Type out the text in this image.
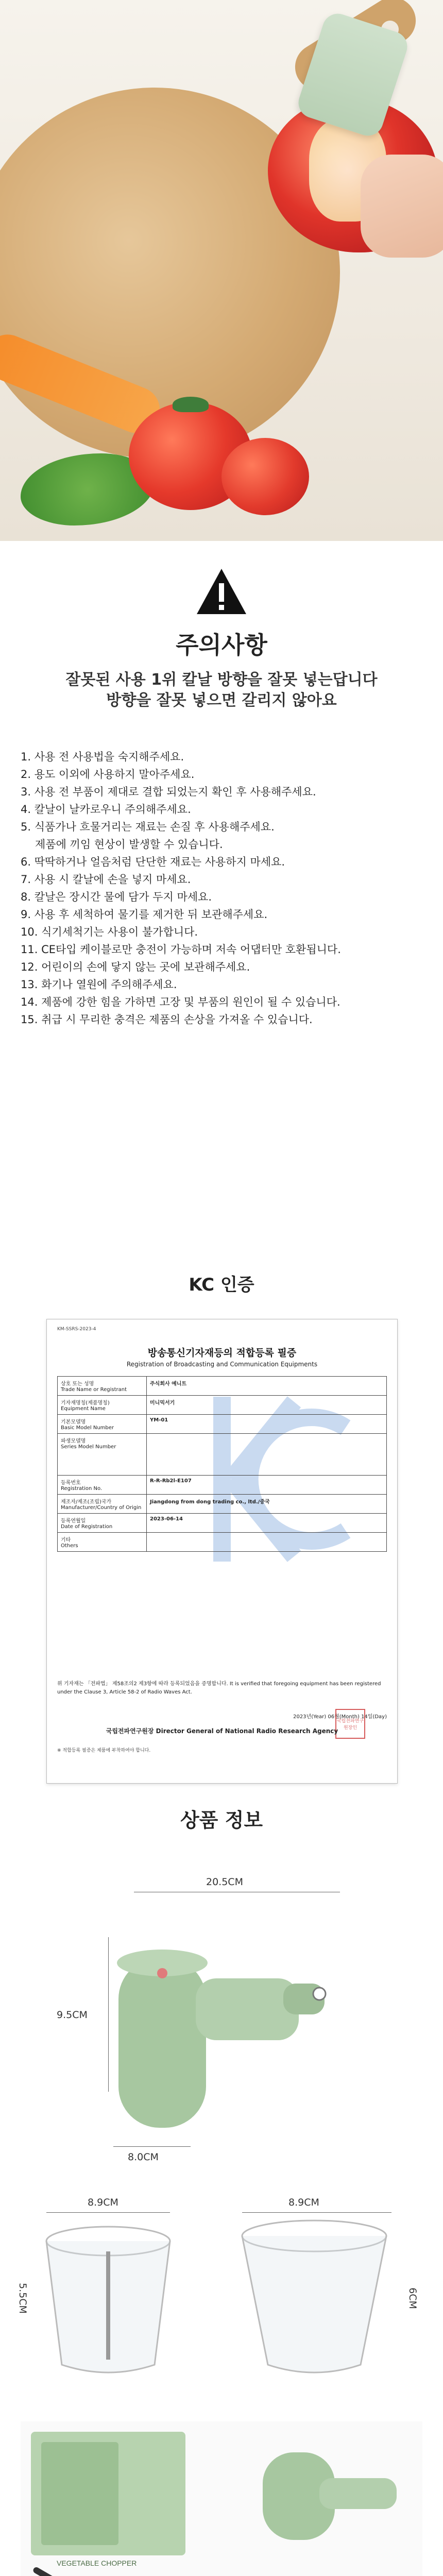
주의사항
잘못된 사용 1위 칼날 방향을 잘못 넣는답니다
방향을 잘못 넣으면 갈리지 않아요
1. 사용 전 사용법을 숙지해주세요.
2. 용도 이외에 사용하지 말아주세요.
3. 사용 전 부품이 제대로 결합 되었는지 확인 후 사용해주세요.
4. 칼날이 날카로우니 주의해주세요.
5. 식품가나 흐물거리는 재료는 손질 후 사용해주세요.
제품에 끼임 현상이 발생할 수 있습니다.
6. 딱딱하거나 얼음처럼 단단한 재료는 사용하지 마세요.
7. 사용 시 칼날에 손을 넣지 마세요.
8. 칼날은 장시간 물에 담가 두지 마세요.
9. 사용 후 세척하여 물기를 제거한 뒤 보관해주세요.
10. 식기세척기는 사용이 불가합니다.
11. CE타입 케이블로만 충전이 가능하며 저속 어댑터만 호환됩니다.
12. 어린이의 손에 닿지 않는 곳에 보관해주세요.
13. 화기나 열원에 주의해주세요.
14. 제품에 강한 힘을 가하면 고장 및 부품의 원인이 될 수 있습니다.
15. 취급 시 무리한 충격은 제품의 손상을 가져올 수 있습니다.
KC 인증
KM-SSRS-2023-4
방송통신기자재등의 적합등록 필증
Registration of Broadcasting and Communication Equipments
상호 또는 성명
Trade Name or Registrant	주식회사 예니트
기자재명칭(제품명칭)
Equipment Name	미니믹서기
기본모델명
Basic Model Number	YM-01
파생모델명
Series Model Number	
등록번호
Registration No.	R-R-Rb2l-E107
제조자/제조(조립)국가
Manufacturer/Country of Origin	Jiangdong from dong trading co., ltd./중국
등록연월일
Date of Registration	2023-06-14
기타
Others	
위 기자재는 「전파법」 제58조의2 제3항에 따라 등록되었음을 증명합니다. It is verified that foregoing equipment has been registered under the Clause 3, Article 58-2 of Radio Waves Act.
2023년(Year) 06월(Month) 14일(Day)
국립전파연구원장인
국립전파연구원장 Director General of National Radio Research Agency
※ 적합등록 필증은 제품에 부착하여야 합니다.
상품 정보
20.5CM
9.5CM
8.0CM
8.9CM
5.5CM
8.9CM
6CM
VEGETABLE CHOPPER
